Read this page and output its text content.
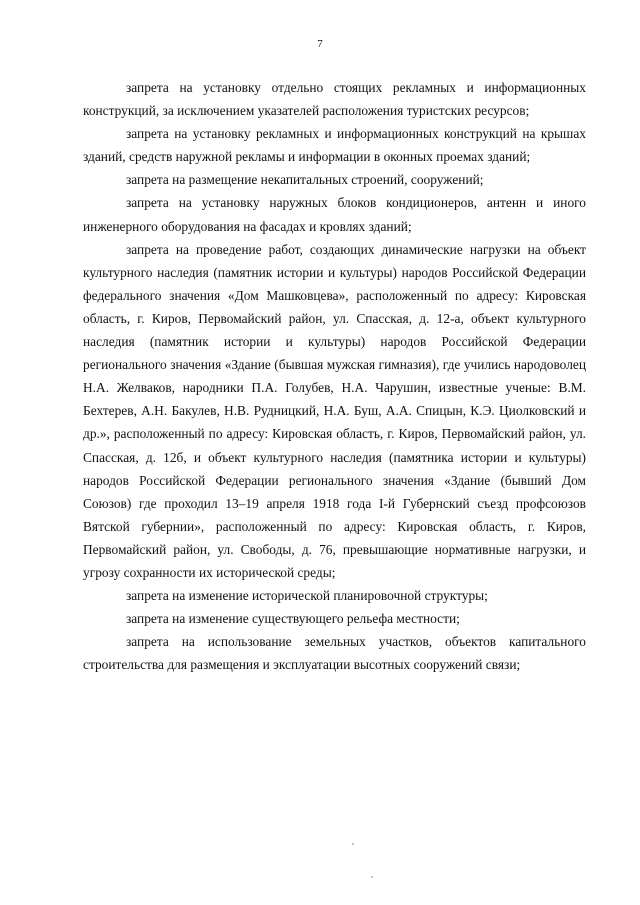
7

запрета на установку отдельно стоящих рекламных и информационных конструкций, за исключением указателей расположения туристских ресурсов;

запрета на установку рекламных и информационных конструкций на крышах зданий, средств наружной рекламы и информации в оконных проемах зданий;

запрета на размещение некапитальных строений, сооружений;

запрета на установку наружных блоков кондиционеров, антенн и иного инженерного оборудования на фасадах и кровлях зданий;

запрета на проведение работ, создающих динамические нагрузки на объект культурного наследия (памятник истории и культуры) народов Российской Федерации федерального значения «Дом Машковцева», расположенный по адресу: Кировская область, г. Киров, Первомайский район, ул. Спасская, д. 12-а, объект культурного наследия (памятник истории и культуры) народов Российской Федерации регионального значения «Здание (бывшая мужская гимназия), где учились народоволец Н.А. Желваков, народники П.А. Голубев, Н.А. Чарушин, известные ученые: В.М. Бехтерев, А.Н. Бакулев, Н.В. Рудницкий, Н.А. Буш, А.А. Спицын, К.Э. Циолковский и др.», расположенный по адресу: Кировская область, г. Киров, Первомайский район, ул. Спасская, д. 12б, и объект культурного наследия (памятника истории и культуры) народов Российской Федерации регионального значения «Здание (бывший Дом Союзов) где проходил 13–19 апреля 1918 года I-й Губернский съезд профсоюзов Вятской губернии», расположенный по адресу: Кировская область, г. Киров, Первомайский район, ул. Свободы, д. 76, превышающие нормативные нагрузки, и угрозу сохранности их исторической среды;

запрета на изменение исторической планировочной структуры;

запрета на изменение существующего рельефа местности;

запрета на использование земельных участков, объектов капитального строительства для размещения и эксплуатации высотных сооружений связи;
